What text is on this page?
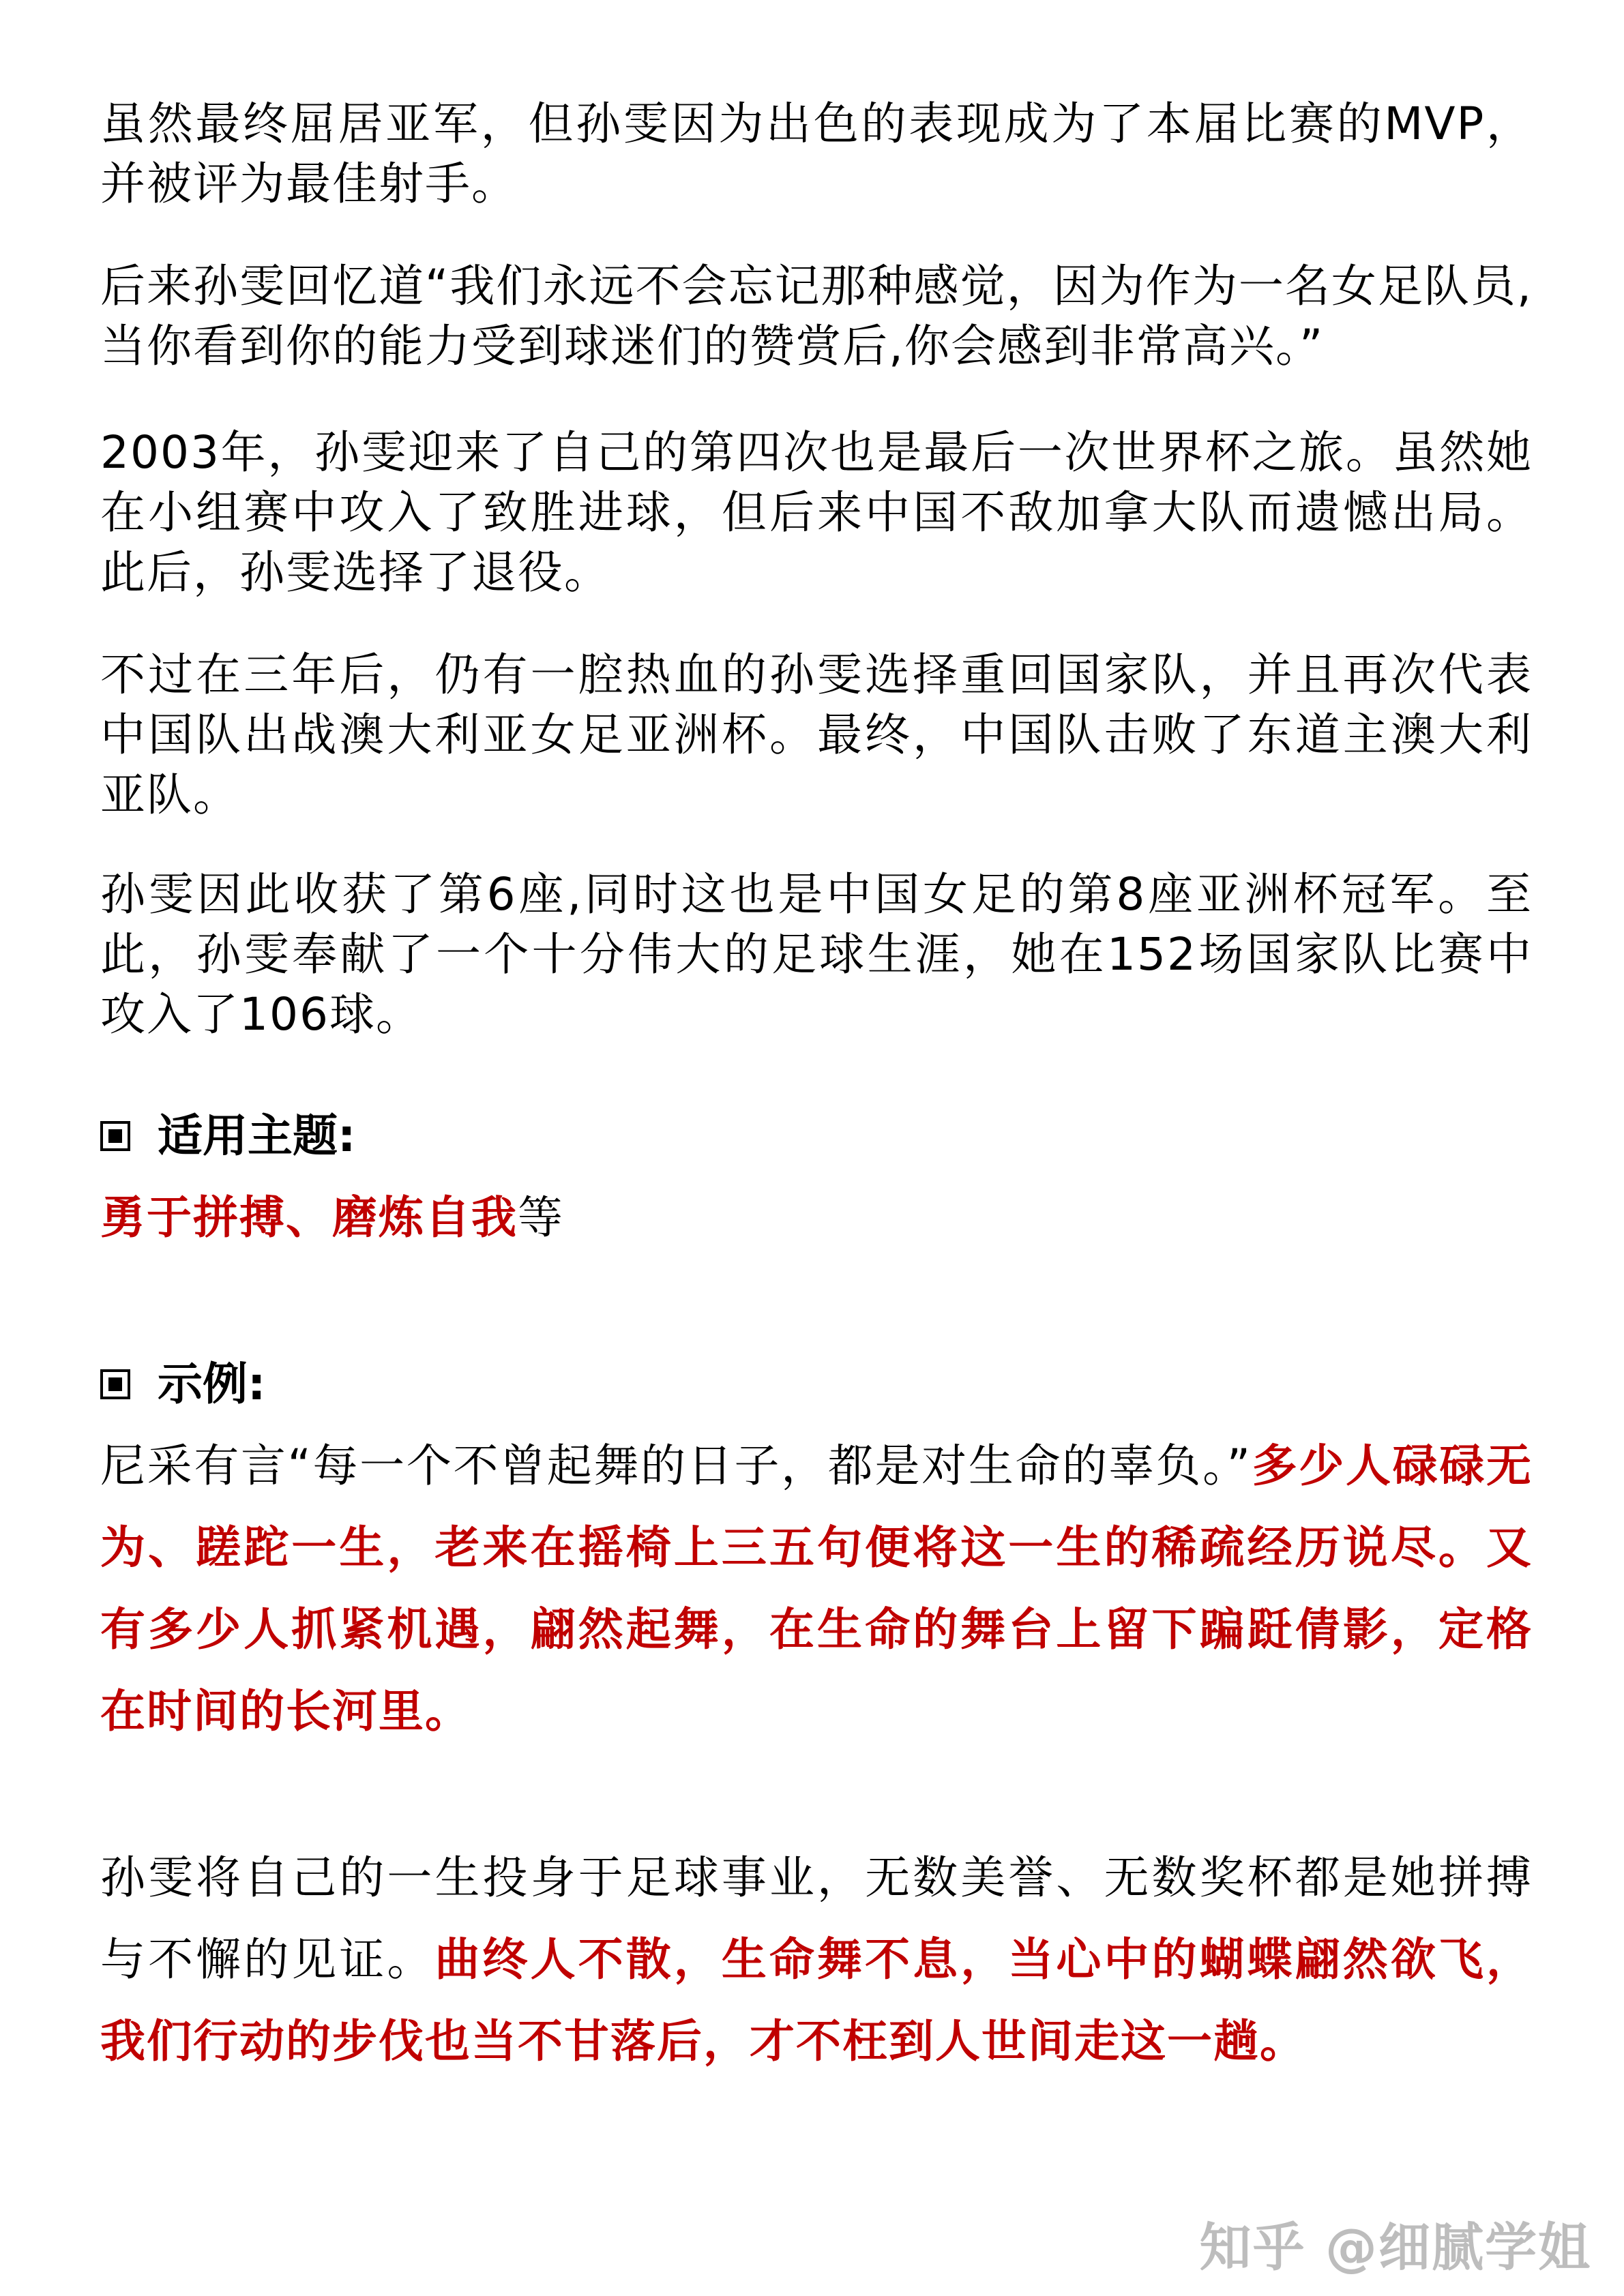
虽然最终屈居亚军，但孙雯因为出色的表现成为了本届比赛的MVP，并被评为最佳射手。
后来孙雯回忆道“我们永远不会忘记那种感觉，因为作为一名女足队员,当你看到你的能力受到球迷们的赞赏后,你会感到非常高兴。”
2003年，孙雯迎来了自己的第四次也是最后一次世界杯之旅。虽然她在小组赛中攻入了致胜进球，但后来中国不敌加拿大队而遗憾出局。此后，孙雯选择了退役。
不过在三年后，仍有一腔热血的孙雯选择重回国家队，并且再次代表中国队出战澳大利亚女足亚洲杯。最终，中国队击败了东道主澳大利亚队。
孙雯因此收获了第6座,同时这也是中国女足的第8座亚洲杯冠军。至此，孙雯奉献了一个十分伟大的足球生涯，她在152场国家队比赛中攻入了106球。
适用主题:
勇于拼搏、磨炼自我等
示例:
尼采有言“每一个不曾起舞的日子，都是对生命的辜负。”多少人碌碌无为、蹉跎一生，老来在摇椅上三五句便将这一生的稀疏经历说尽。又有多少人抓紧机遇，翩然起舞，在生命的舞台上留下蹁跹倩影，定格在时间的长河里。
孙雯将自己的一生投身于足球事业，无数美誉、无数奖杯都是她拼搏与不懈的见证。曲终人不散，生命舞不息，当心中的蝴蝶翩然欲飞，我们行动的步伐也当不甘落后，才不枉到人世间走这一趟。
知乎 @细腻学姐
